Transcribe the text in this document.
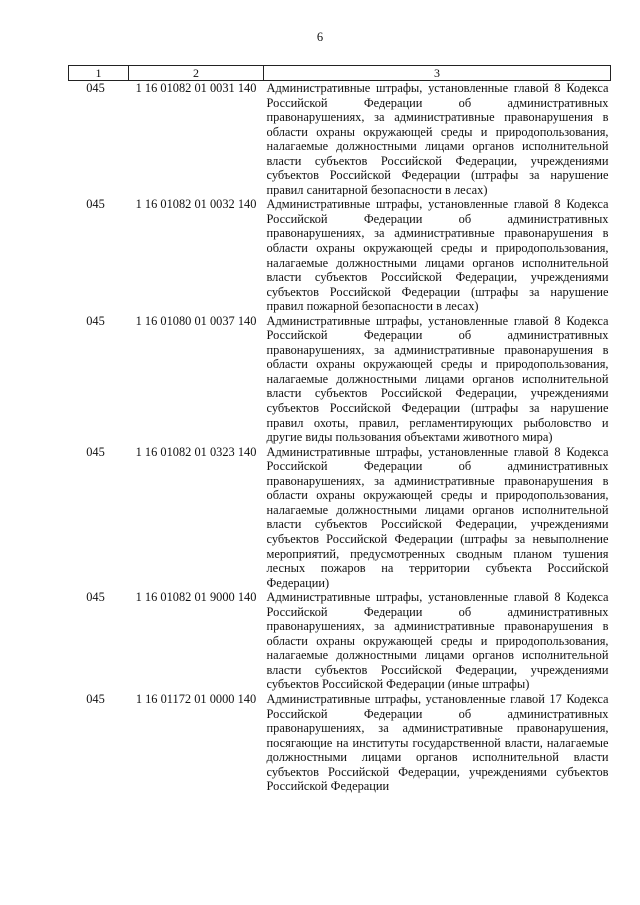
6
1	2	3
045	1 16 01082 01 0031 140	Административные штрафы, установленные главой 8 Кодекса Российской Федерации об административных правонарушениях, за административные правонарушения в области охраны окружающей среды и природопользования, налагаемые должностными лицами органов исполнительной власти субъектов Российской Федерации, учреждениями субъектов Российской Федерации (штрафы за нарушение правил санитарной безопасности в лесах)
045	1 16 01082 01 0032 140	Административные штрафы, установленные главой 8 Кодекса Российской Федерации об административных правонарушениях, за административные правонарушения в области охраны окружающей среды и природопользования, налагаемые должностными лицами органов исполнительной власти субъектов Российской Федерации, учреждениями субъектов Российской Федерации (штрафы за нарушение правил пожарной безопасности в лесах)
045	1 16 01080 01 0037 140	Административные штрафы, установленные главой 8 Кодекса Российской Федерации об административных правонарушениях, за административные правонарушения в области охраны окружающей среды и природопользования, налагаемые должностными лицами органов исполнительной власти субъектов Российской Федерации, учреждениями субъектов Российской Федерации (штрафы за нарушение правил охоты, правил, регламентирующих рыболовство и другие виды пользования объектами животного мира)
045	1 16 01082 01 0323 140	Административные штрафы, установленные главой 8 Кодекса Российской Федерации об административных правонарушениях, за административные правонарушения в области охраны окружающей среды и природопользования, налагаемые должностными лицами органов исполнительной власти субъектов Российской Федерации, учреждениями субъектов Российской Федерации (штрафы за невыполнение мероприятий, предусмотренных сводным планом тушения лесных пожаров на территории субъекта Российской Федерации)
045	1 16 01082 01 9000 140	Административные штрафы, установленные главой 8 Кодекса Российской Федерации об административных правонарушениях, за административные правонарушения в области охраны окружающей среды и природопользования, налагаемые должностными лицами органов исполнительной власти субъектов Российской Федерации, учреждениями субъектов Российской Федерации (иные штрафы)
045	1 16 01172 01 0000 140	Административные штрафы, установленные главой 17 Кодекса Российской Федерации об административных правонарушениях, за административные правонарушения, посягающие на институты государственной власти, налагаемые должностными лицами органов исполнительной власти субъектов Российской Федерации, учреждениями субъектов Российской Федерации
